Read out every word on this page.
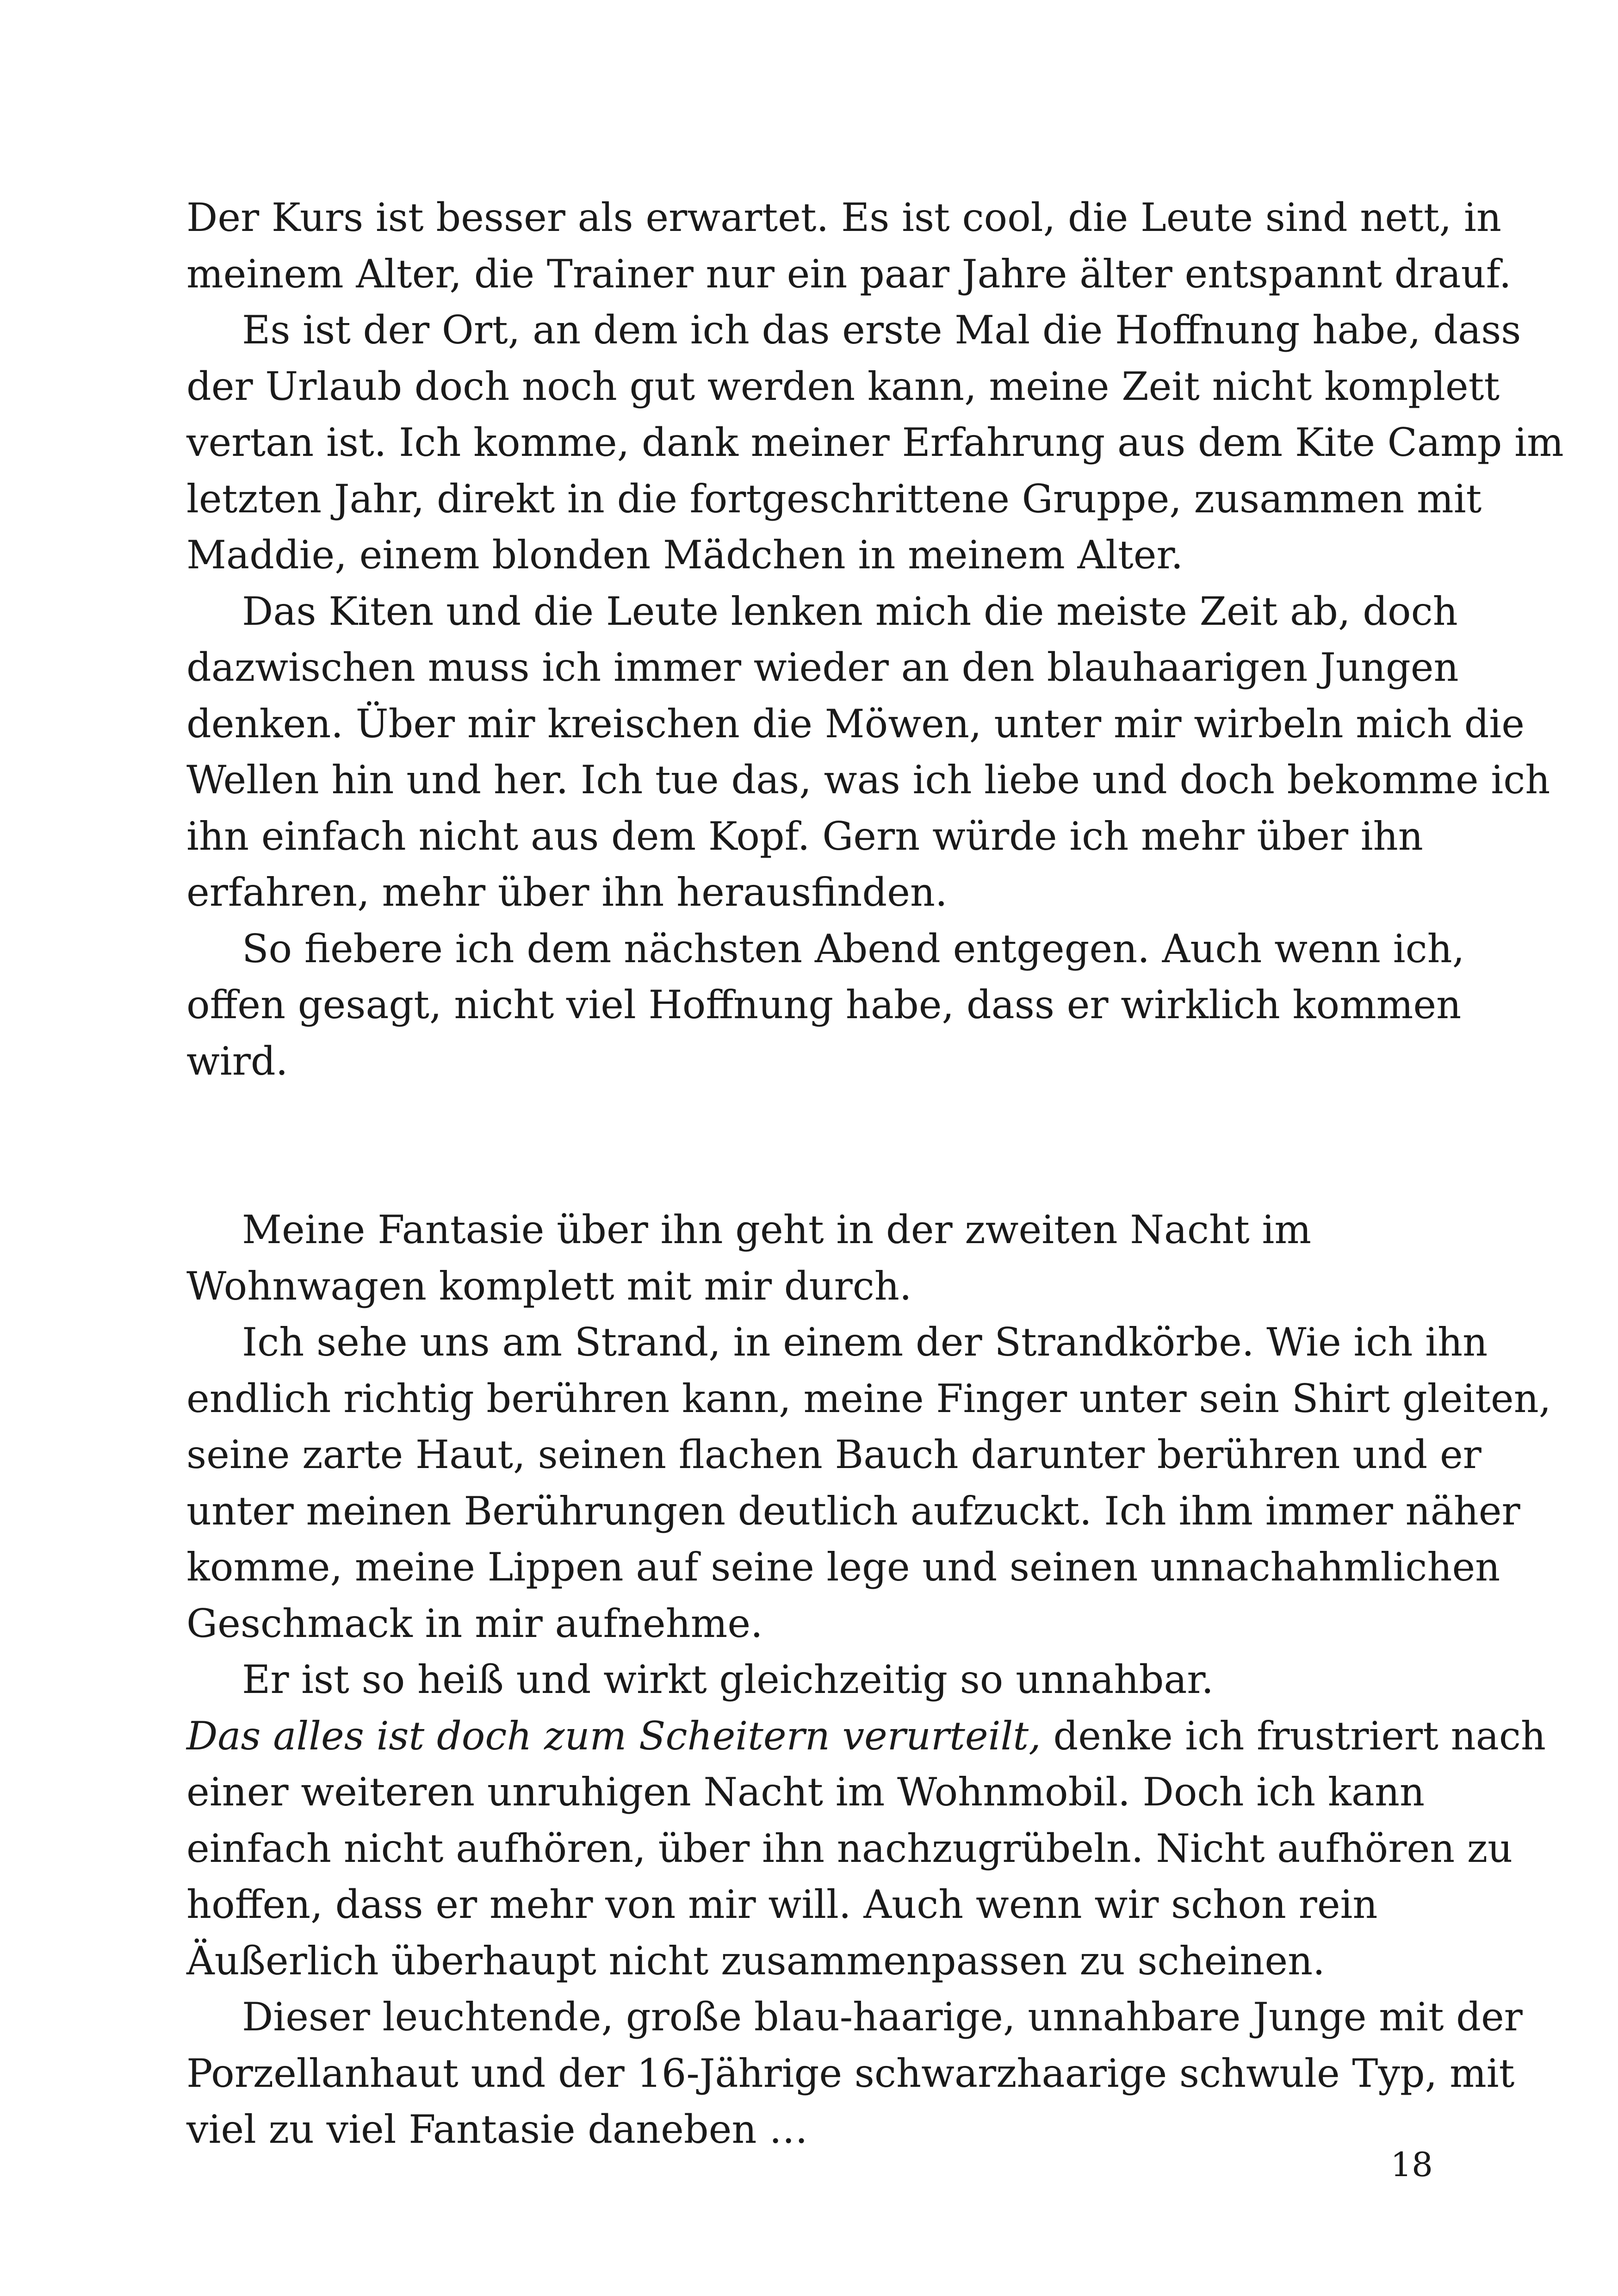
Der Kurs ist besser als erwartet. Es ist cool, die Leute sind nett, in
meinem Alter, die Trainer nur ein paar Jahre älter entspannt drauf.

Es ist der Ort, an dem ich das erste Mal die Hoffnung habe, dass
der Urlaub doch noch gut werden kann, meine Zeit nicht komplett
vertan ist. Ich komme, dank meiner Erfahrung aus dem Kite Camp im
letzten Jahr, direkt in die fortgeschrittene Gruppe, zusammen mit
Maddie, einem blonden Mädchen in meinem Alter.

Das Kiten und die Leute lenken mich die meiste Zeit ab, doch
dazwischen muss ich immer wieder an den blauhaarigen Jungen
denken. Über mir kreischen die Möwen, unter mir wirbeln mich die
Wellen hin und her. Ich tue das, was ich liebe und doch bekomme ich
ihn einfach nicht aus dem Kopf. Gern würde ich mehr über ihn
erfahren, mehr über ihn herausfinden.

So fiebere ich dem nächsten Abend entgegen. Auch wenn ich,
offen gesagt, nicht viel Hoffnung habe, dass er wirklich kommen
wird.

Meine Fantasie über ihn geht in der zweiten Nacht im
Wohnwagen komplett mit mir durch.

Ich sehe uns am Strand, in einem der Strandkörbe. Wie ich ihn
endlich richtig berühren kann, meine Finger unter sein Shirt gleiten,
seine zarte Haut, seinen flachen Bauch darunter berühren und er
unter meinen Berührungen deutlich aufzuckt. Ich ihm immer näher
komme, meine Lippen auf seine lege und seinen unnachahmlichen
Geschmack in mir aufnehme.

Er ist so heiß und wirkt gleichzeitig so unnahbar.

Das alles ist doch zum Scheitern verurteilt, denke ich frustriert nach
einer weiteren unruhigen Nacht im Wohnmobil. Doch ich kann
einfach nicht aufhören, über ihn nachzugrübeln. Nicht aufhören zu
hoffen, dass er mehr von mir will. Auch wenn wir schon rein
Äußerlich überhaupt nicht zusammenpassen zu scheinen.

Dieser leuchtende, große blau-haarige, unnahbare Junge mit der
Porzellanhaut und der 16-Jährige schwarzhaarige schwule Typ, mit
viel zu viel Fantasie daneben …

18
